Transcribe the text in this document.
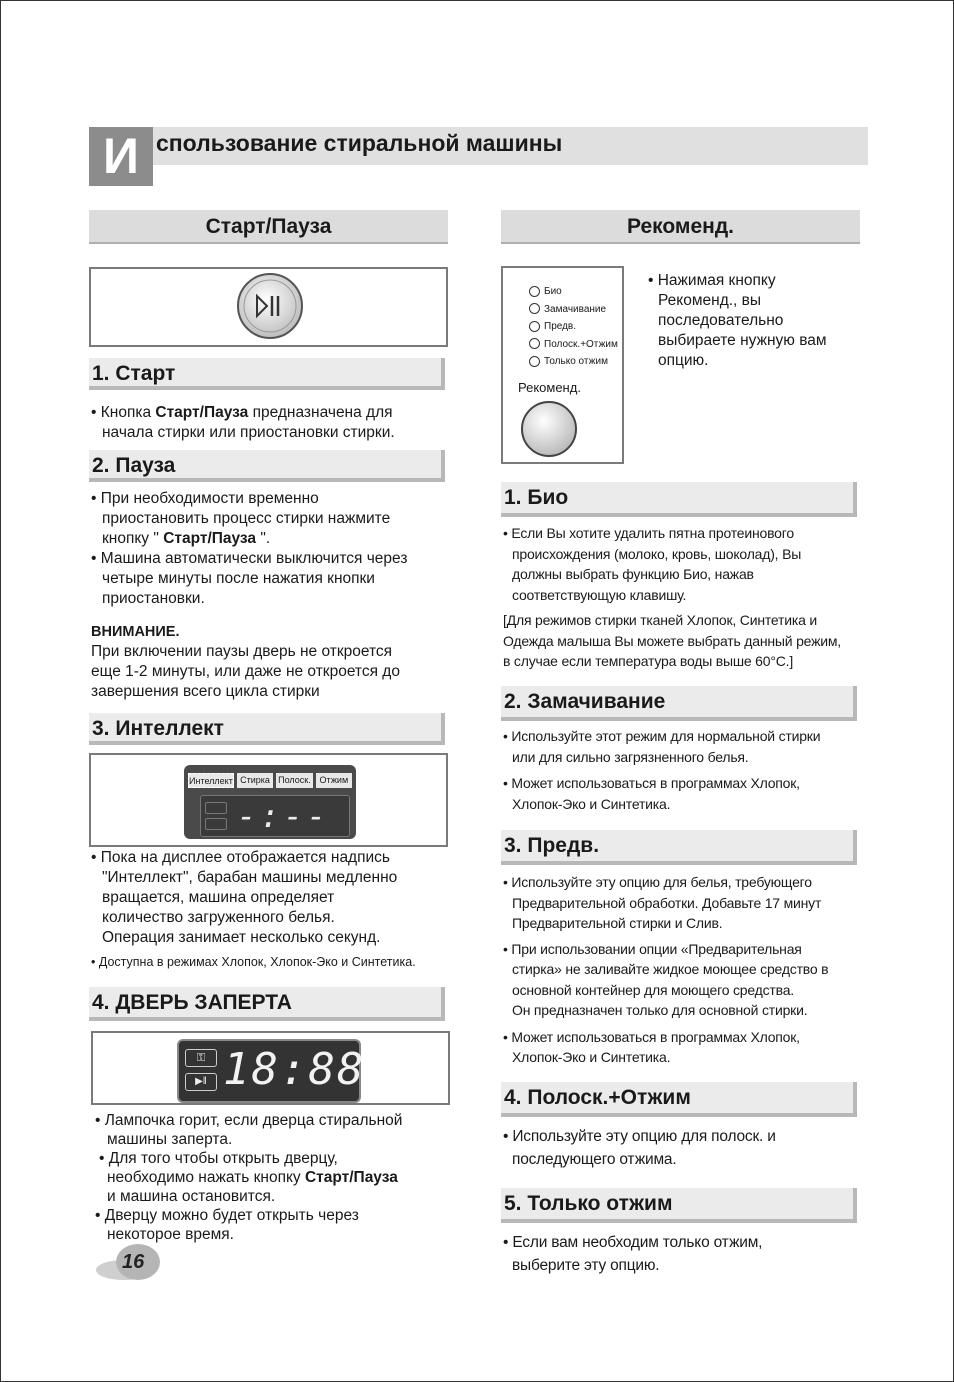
И спользование стиральной машины
Старт/Пауза
1. Старт
• Кнопка Старт/Пауза предназначена для
начала стирки или приостановки стирки.
2. Пауза
• При необходимости временно
приостановить процесс стирки нажмите
кнопку " Старт/Пауза ".
• Машина автоматически выключится через
четыре минуты после нажатия кнопки
приостановки.
ВНИМАНИЕ.
При включении паузы дверь не откроется
еще 1-2 минуты, или даже не откроется до
завершения всего цикла стирки
3. Интеллект
Интеллект Стирка Полоск. Отжим
-:--
• Пока на дисплее отображается надпись
"Интеллект", барабан машины медленно
вращается, машина определяет
количество загруженного белья.
Операция занимает несколько секунд.
• Доступна в режимах Хлопок, Хлопок-Эко и Синтетика.
4. ДВЕРЬ ЗАПЕРТА
⚿
▶‖ 18:88
• Лампочка горит, если дверца стиральной
машины заперта.
• Для того чтобы открыть дверцу,
необходимо нажать кнопку Старт/Пауза
и машина остановится.
• Дверцу можно будет открыть через
некоторое время.
16
Рекоменд.
Био
Замачивание
Предв.
Полоск.+Отжим
Только отжим
Рекоменд.
• Нажимая кнопку
Рекоменд., вы
последовательно
выбираете нужную вам
опцию.
1. Био
• Если Вы хотите удалить пятна протеинового
происхождения (молоко, кровь, шоколад), Вы
должны выбрать функцию Био, нажав
соответствующую клавишу.
[Для режимов стирки тканей Хлопок, Синтетика и
Одежда малыша Вы можете выбрать данный режим,
в случае если температура воды выше 60°С.]
2. Замачивание
• Используйте этот режим для нормальной стирки
или для сильно загрязненного белья.
• Может использоваться в программах Хлопок,
Хлопок-Эко и Синтетика.
3. Предв.
• Используйте эту опцию для белья, требующего
Предварительной обработки. Добавьте 17 минут
Предварительной стирки и Слив.
• При использовании опции «Предварительная
стирка» не заливайте жидкое моющее средство в
основной контейнер для моющего средства.
Он предназначен только для основной стирки.
• Может использоваться в программах Хлопок,
Хлопок-Эко и Синтетика.
4. Полоск.+Отжим
• Используйте эту опцию для полоск. и
последующего отжима.
5. Только отжим
• Если вам необходим только отжим,
выберите эту опцию.
